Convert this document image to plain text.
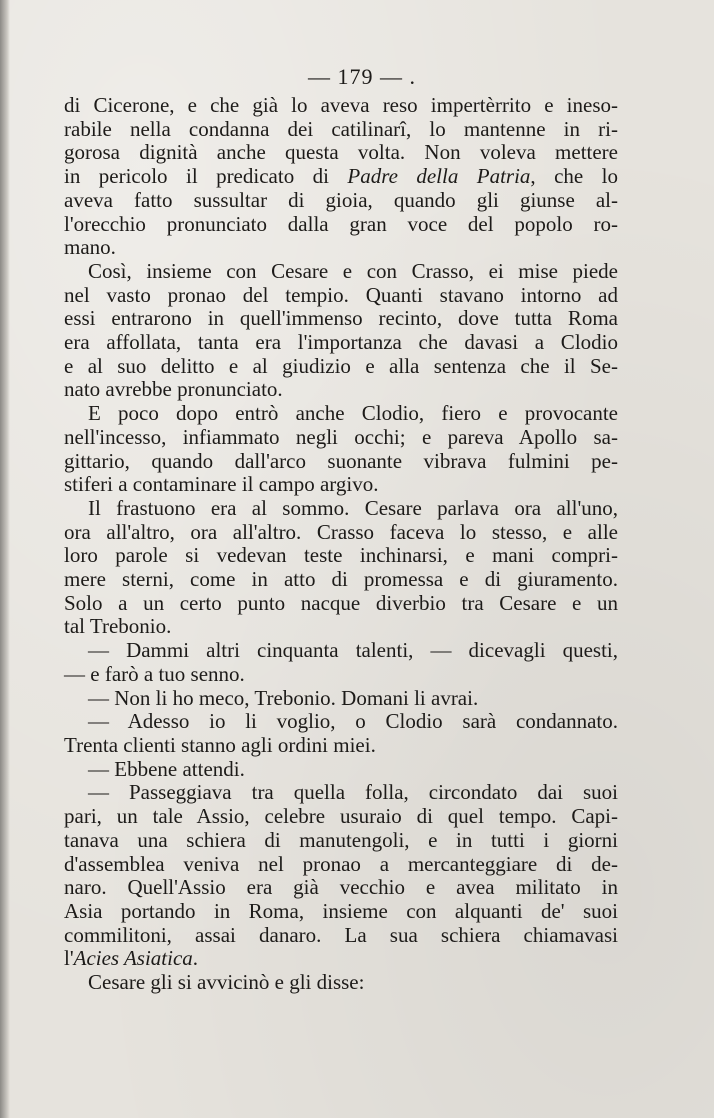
— 179 — .
di Cicerone, e che già lo aveva reso impertèrrito e ineso-
rabile nella condanna dei catilinarî, lo mantenne in ri-
gorosa dignità anche questa volta. Non voleva mettere
in pericolo il predicato di Padre della Patria, che lo
aveva fatto sussultar di gioia, quando gli giunse al-
l'orecchio pronunciato dalla gran voce del popolo ro-
mano.
Così, insieme con Cesare e con Crasso, ei mise piede
nel vasto pronao del tempio. Quanti stavano intorno ad
essi entrarono in quell'immenso recinto, dove tutta Roma
era affollata, tanta era l'importanza che davasi a Clodio
e al suo delitto e al giudizio e alla sentenza che il Se-
nato avrebbe pronunciato.
E poco dopo entrò anche Clodio, fiero e provocante
nell'incesso, infiammato negli occhi; e pareva Apollo sa-
gittario, quando dall'arco suonante vibrava fulmini pe-
stiferi a contaminare il campo argivo.
Il frastuono era al sommo. Cesare parlava ora all'uno,
ora all'altro, ora all'altro. Crasso faceva lo stesso, e alle
loro parole si vedevan teste inchinarsi, e mani compri-
mere sterni, come in atto di promessa e di giuramento.
Solo a un certo punto nacque diverbio tra Cesare e un
tal Trebonio.
— Dammi altri cinquanta talenti, — dicevagli questi,
— e farò a tuo senno.
— Non li ho meco, Trebonio. Domani li avrai.
— Adesso io li voglio, o Clodio sarà condannato.
Trenta clienti stanno agli ordini miei.
— Ebbene attendi.
— Passeggiava tra quella folla, circondato dai suoi
pari, un tale Assio, celebre usuraio di quel tempo. Capi-
tanava una schiera di manutengoli, e in tutti i giorni
d'assemblea veniva nel pronao a mercanteggiare di de-
naro. Quell'Assio era già vecchio e avea militato in
Asia portando in Roma, insieme con alquanti de' suoi
commilitoni, assai danaro. La sua schiera chiamavasi
l'Acies Asiatica.
Cesare gli si avvicinò e gli disse:
